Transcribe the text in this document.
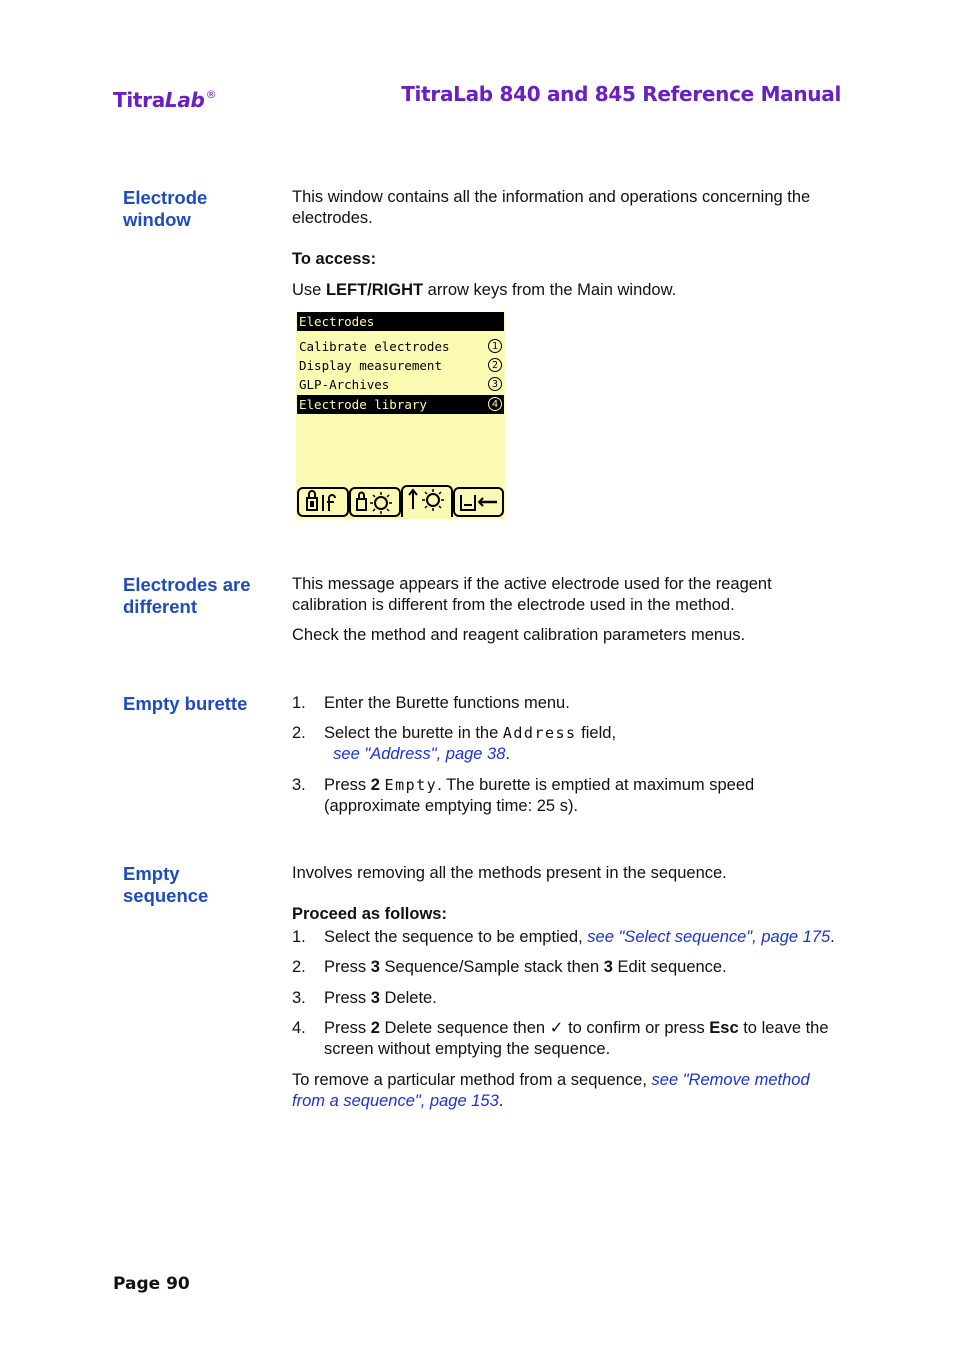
TitraLab®	TitraLab 840 and 845 Reference Manual
Electrode
window

This window contains all the information and operations concerning the electrodes.

To access:

Use LEFT/RIGHT arrow keys from the Main window.

Electrodes
Calibrate electrodes	1
Display measurement	2
GLP-Archives	3
Electrode library	4
Electrodes are
different

This message appears if the active electrode used for the reagent calibration is different from the electrode used in the method.

Check the method and reagent calibration parameters menus.

Empty burette	1. Enter the Burette functions menu.
2. Select the burette in the Address field,
see "Address", page 38.
3. Press 2 Empty. The burette is emptied at maximum speed (approximate emptying time: 25 s).
Empty
sequence

Involves removing all the methods present in the sequence.

Proceed as follows:

1. Select the sequence to be emptied, see "Select sequence", page 175.
2. Press 3 Sequence/Sample stack then 3 Edit sequence.
3. Press 3 Delete.
4. Press 2 Delete sequence then ✓ to confirm or press Esc to leave the screen without emptying the sequence.

To remove a particular method from a sequence, see "Remove method from a sequence", page 153.

Page 90
